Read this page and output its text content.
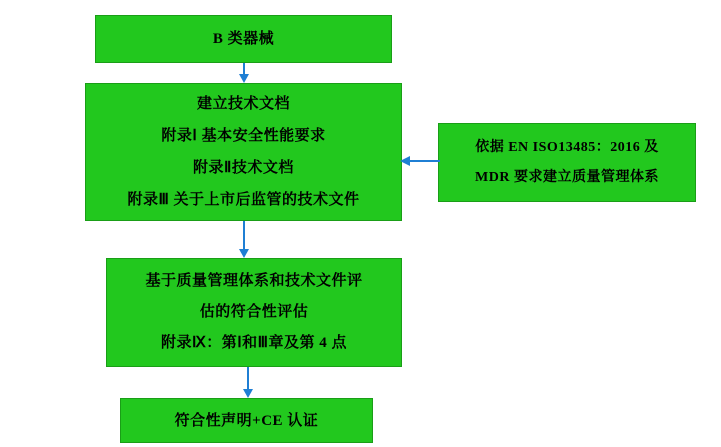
B 类器械
建立技术文档
附录Ⅰ 基本安全性能要求
附录Ⅱ技术文档
附录Ⅲ 关于上市后监管的技术文件
依据 EN ISO13485：2016 及
MDR 要求建立质量管理体系
基于质量管理体系和技术文件评
估的符合性评估
附录Ⅸ：第Ⅰ和Ⅲ章及第 4 点
符合性声明+CE 认证
